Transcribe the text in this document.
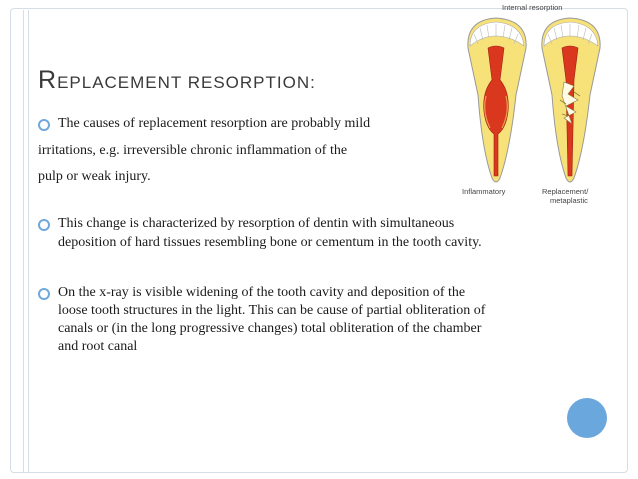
REPLACEMENT RESORPTION:
The causes of replacement resorption are probably mild
irritations, e.g. irreversible chronic inflammation of the
pulp or weak injury.
This change is characterized by resorption of dentin with simultaneous
deposition of hard tissues resembling bone or cementum in the tooth cavity.
On the x-ray is visible widening of the tooth cavity and deposition of the
loose tooth structures in the light. This can be cause of partial obliteration of
canals or (in the long progressive changes) total obliteration of the chamber
and root canal
Internal resorption
Inflammatory	Replacement/
metaplastic
